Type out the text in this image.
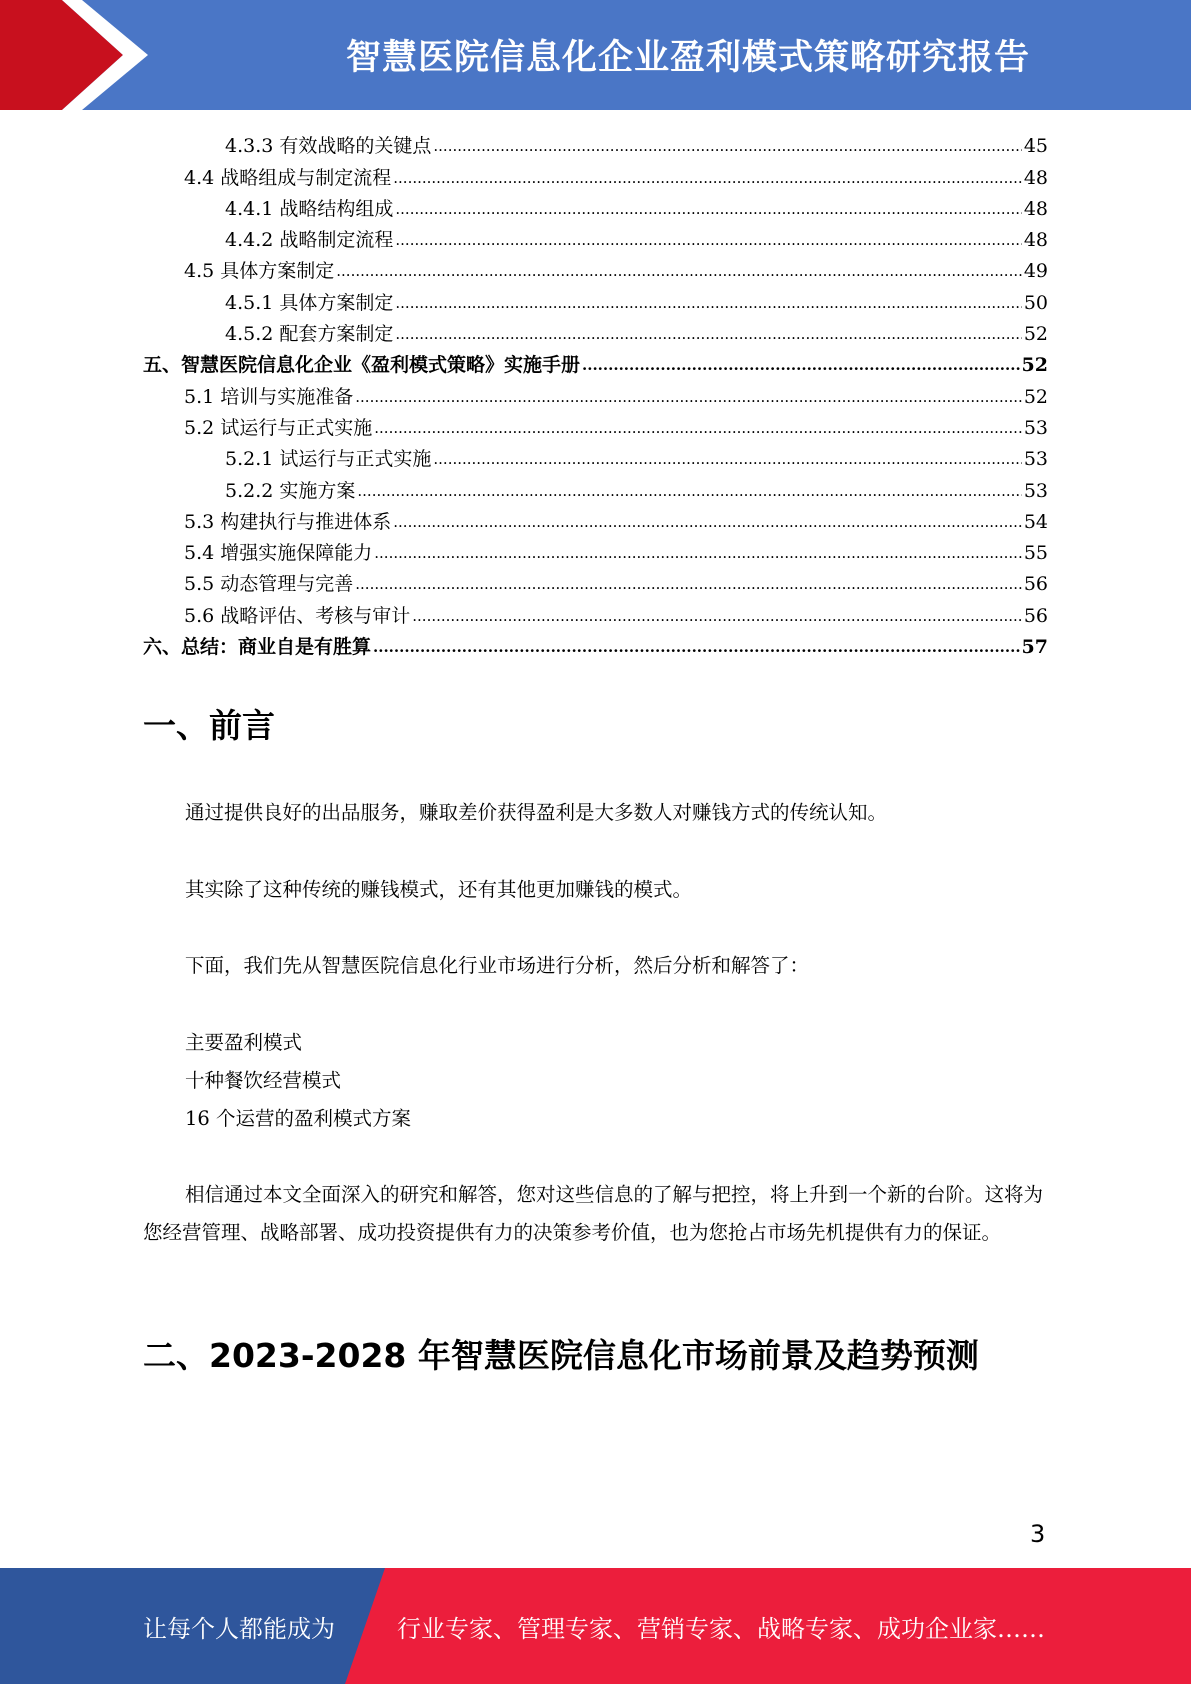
智慧医院信息化企业盈利模式策略研究报告
4.3.3 有效战略的关键点 .....	45
4.4 战略组成与制定流程 .....	48
4.4.1 战略结构组成 .....	48
4.4.2 战略制定流程 .....	48
4.5 具体方案制定 .....	49
4.5.1 具体方案制定 .....	50
4.5.2 配套方案制定 .....	52
五、智慧医院信息化企业《盈利模式策略》实施手册 .....	52
5.1 培训与实施准备 .....	52
5.2 试运行与正式实施 .....	53
5.2.1 试运行与正式实施 .....	53
5.2.2 实施方案 .....	53
5.3 构建执行与推进体系 .....	54
5.4 增强实施保障能力 .....	55
5.5 动态管理与完善 .....	56
5.6 战略评估、考核与审计 .....	56
六、总结：商业自是有胜算 .....	57
一、前言
通过提供良好的出品服务，赚取差价获得盈利是大多数人对赚钱方式的传统认知。
其实除了这种传统的赚钱模式，还有其他更加赚钱的模式。
下面，我们先从智慧医院信息化行业市场进行分析，然后分析和解答了：
主要盈利模式
十种餐饮经营模式
16 个运营的盈利模式方案
相信通过本文全面深入的研究和解答，您对这些信息的了解与把控，将上升到一个新的台阶。这将为您经营管理、战略部署、成功投资提供有力的决策参考价值，也为您抢占市场先机提供有力的保证。
二、2023-2028 年智慧医院信息化市场前景及趋势预测
3
让每个人都能成为	行业专家、管理专家、营销专家、战略专家、成功企业家……
